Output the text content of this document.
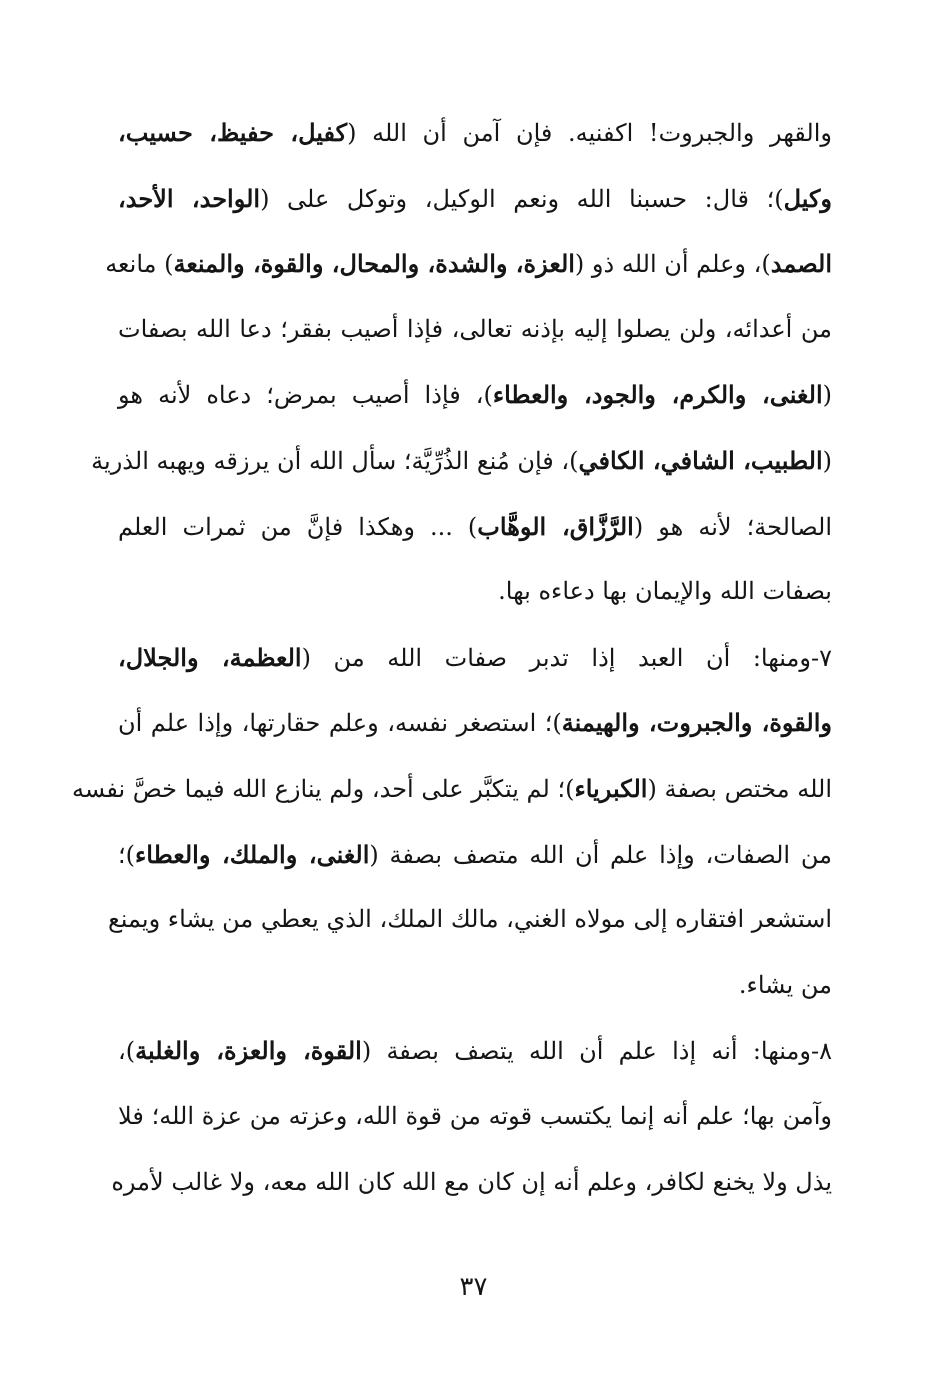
والقهر والجبروت! اكفنيه. فإن آمن أن الله (كفيل، حفيظ، حسيب،
وكيل)؛ قال: حسبنا الله ونعم الوكيل، وتوكل على (الواحد، الأحد،
الصمد)، وعلم أن الله ذو (العزة، والشدة، والمحال، والقوة، والمنعة) مانعه
من أعدائه، ولن يصلوا إليه بإذنه تعالى، فإذا أصيب بفقر؛ دعا الله بصفات
(الغنى، والكرم، والجود، والعطاء)، فإذا أصيب بمرض؛ دعاه لأنه هو
(الطبيب، الشافي، الكافي)، فإن مُنع الذُرِّيَّة؛ سأل الله أن يرزقه ويهبه الذرية
الصالحة؛ لأنه هو (الرَّزَّاق، الوهَّاب) ... وهكذا فإنَّ من ثمرات العلم
بصفات الله والإيمان بها دعاءه بها.
٧-ومنها: أن العبد إذا تدبر صفات الله من (العظمة، والجلال،
والقوة، والجبروت، والهيمنة)؛ استصغر نفسه، وعلم حقارتها، وإذا علم أن
الله مختص بصفة (الكبرياء)؛ لم يتكبَّر على أحد، ولم ينازع الله فيما خصَّ نفسه
من الصفات، وإذا علم أن الله متصف بصفة (الغنى، والملك، والعطاء)؛
استشعر افتقاره إلى مولاه الغني، مالك الملك، الذي يعطي من يشاء ويمنع
من يشاء.
٨-ومنها: أنه إذا علم أن الله يتصف بصفة (القوة، والعزة، والغلبة)،
وآمن بها؛ علم أنه إنما يكتسب قوته من قوة الله، وعزته من عزة الله؛ فلا
يذل ولا يخنع لكافر، وعلم أنه إن كان مع الله كان الله معه، ولا غالب لأمره
٣٧
